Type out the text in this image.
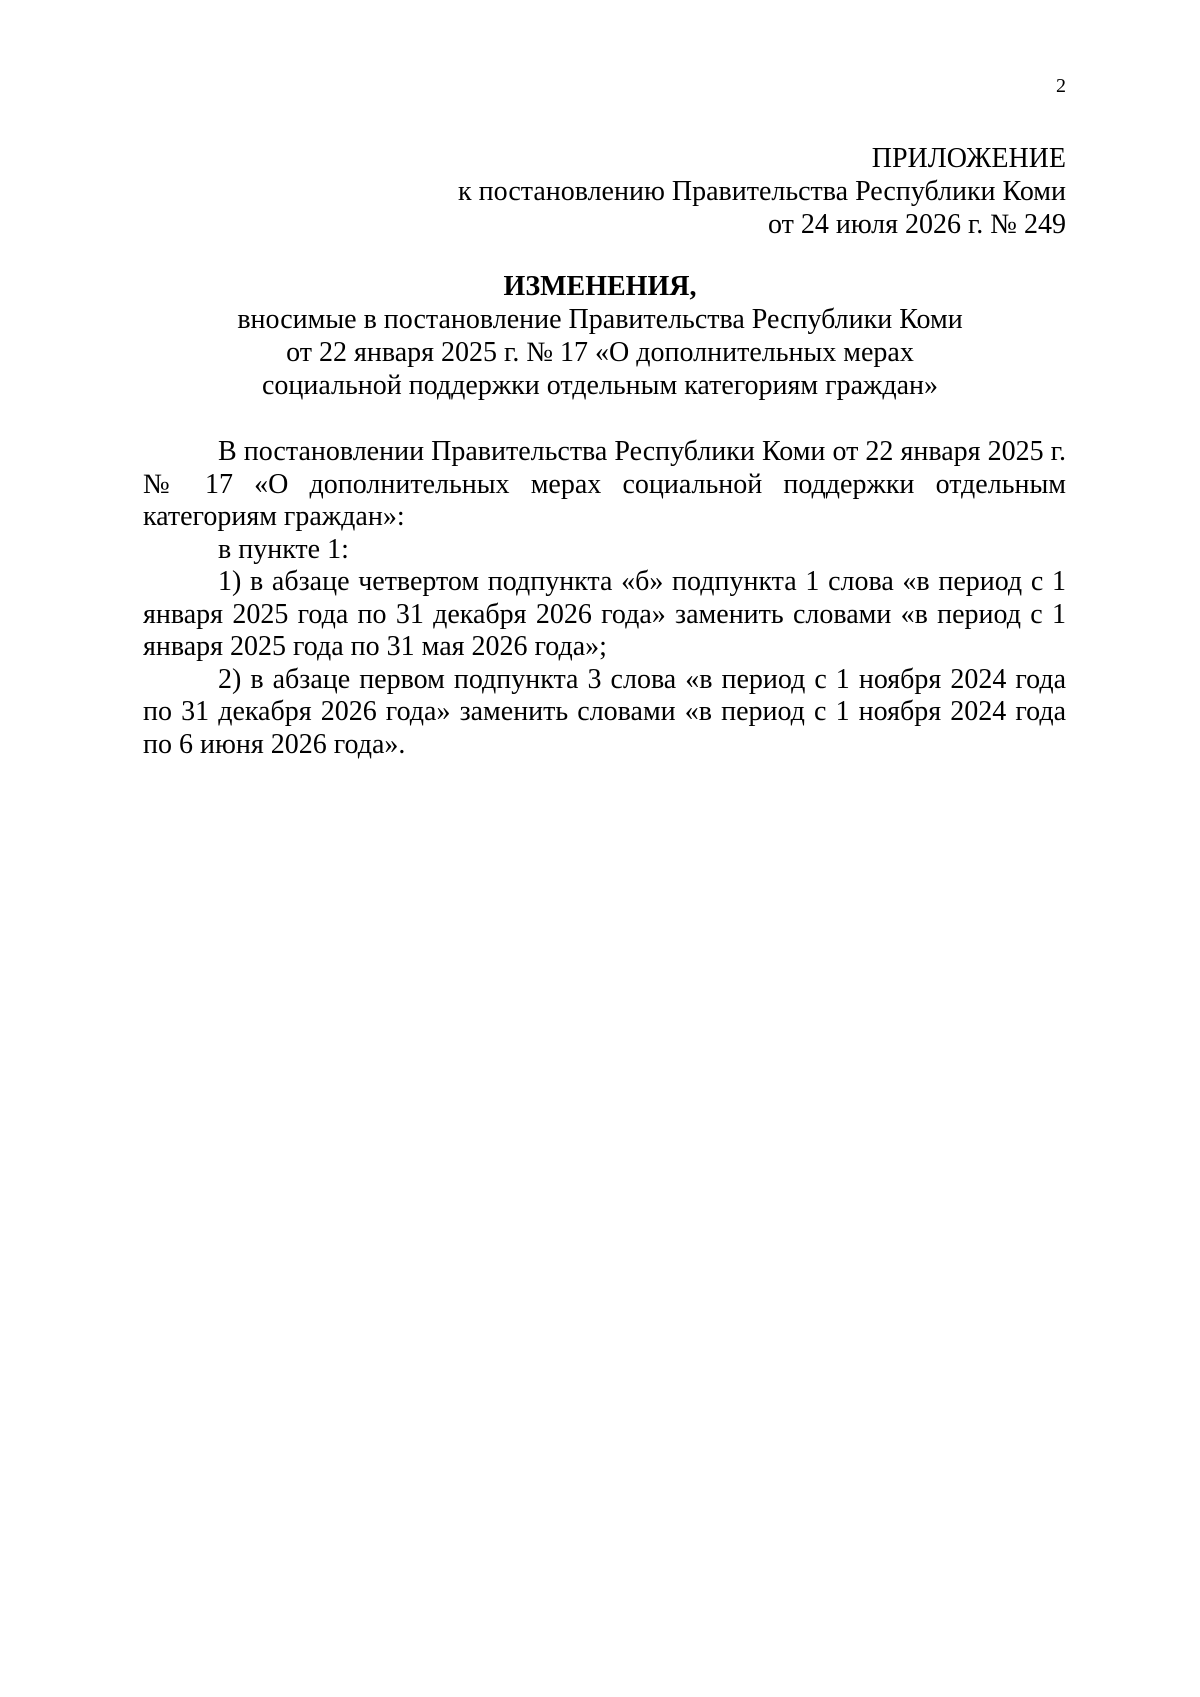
2
ПРИЛОЖЕНИЕ
к постановлению Правительства Республики Коми
от 24 июля 2026 г. № 249
ИЗМЕНЕНИЯ,
вносимые в постановление Правительства Республики Коми
от 22 января 2025 г. № 17 «О дополнительных мерах
социальной поддержки отдельным категориям граждан»

В постановлении Правительства Республики Коми от 22 января 2025 г. № 17 «О дополнительных мерах социальной поддержки отдельным категориям граждан»:

в пункте 1:

1) в абзаце четвертом подпункта «б» подпункта 1 слова «в период с 1 января 2025 года по 31 декабря 2026 года» заменить словами «в период с 1 января 2025 года по 31 мая 2026 года»;

2) в абзаце первом подпункта 3 слова «в период с 1 ноября 2024 года по 31 декабря 2026 года» заменить словами «в период с 1 ноября 2024 года по 6 июня 2026 года».
